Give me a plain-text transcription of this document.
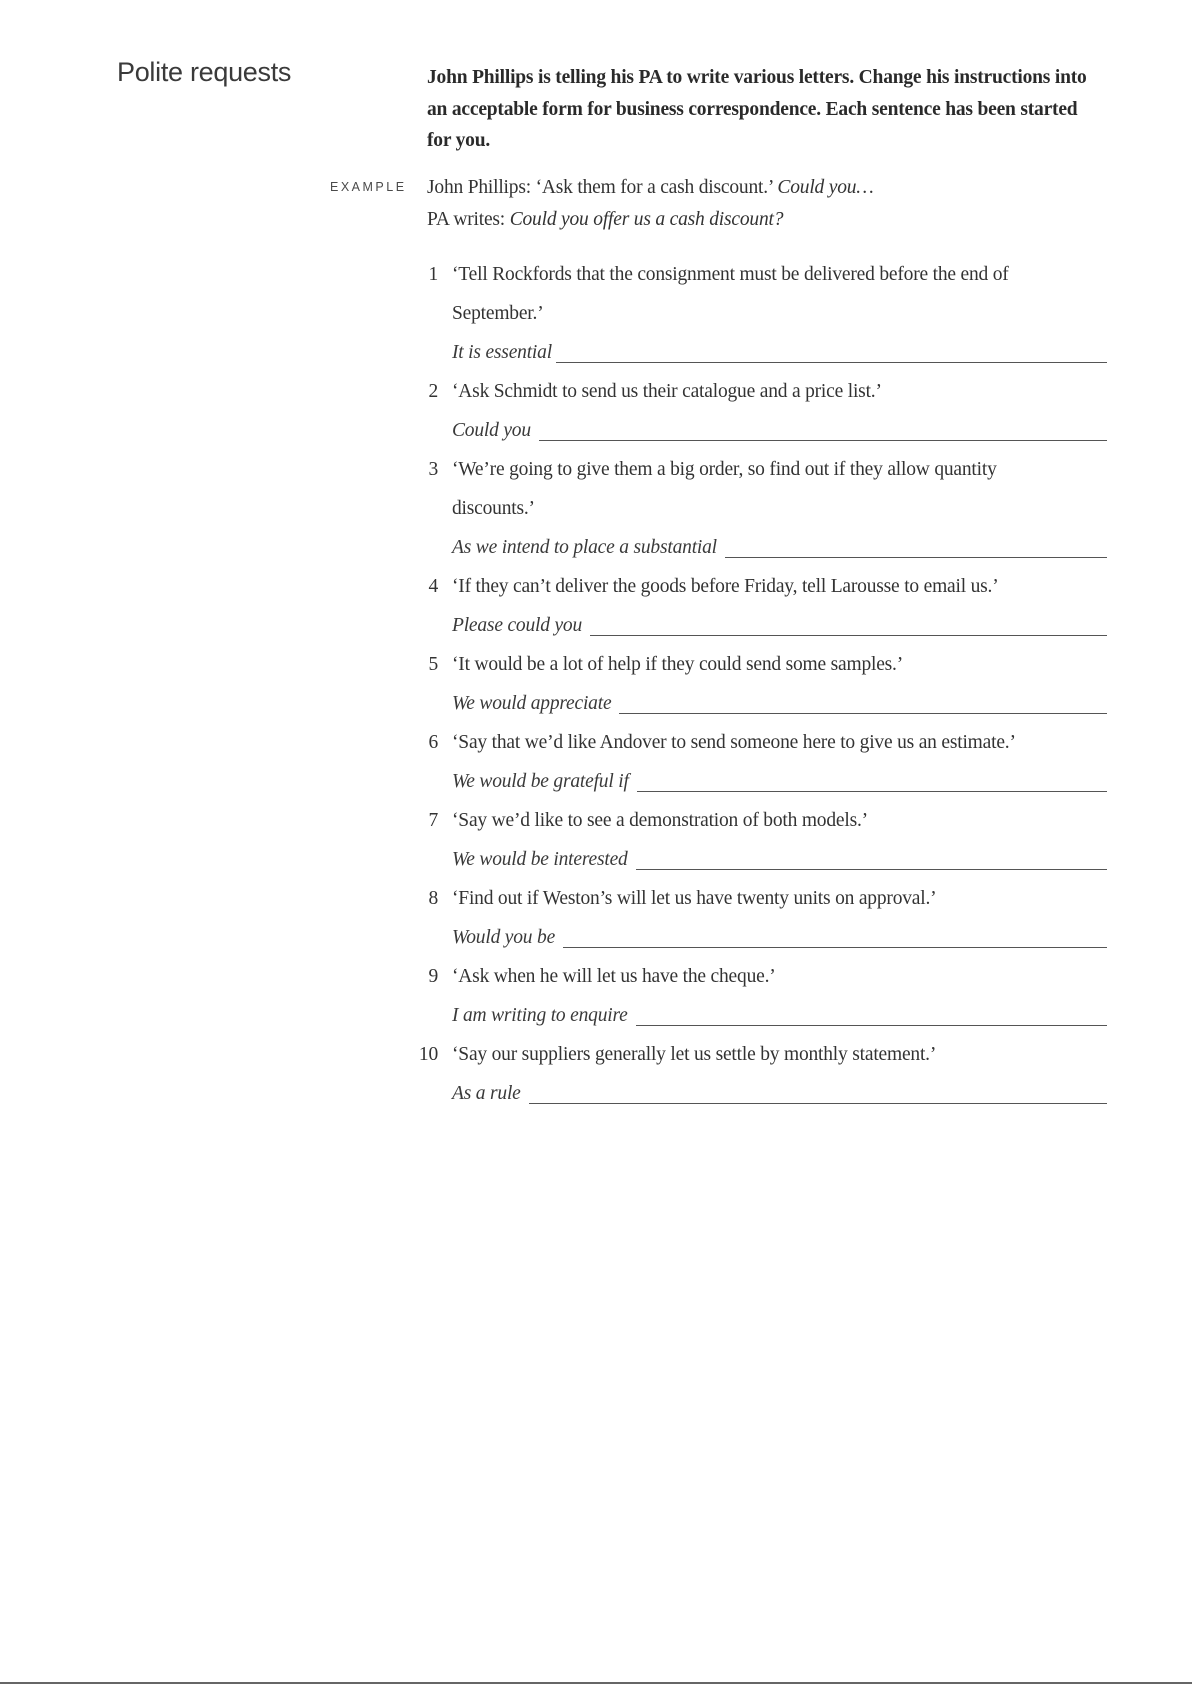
Polite requests	John Phillips is telling his PA to write various letters. Change his instructions into an acceptable form for business correspondence. Each sentence has been started for you.

EXAMPLE John Phillips: ‘Ask them for a cash discount.’ Could you…
PA writes: Could you offer us a cash discount?
1 ‘Tell Rockfords that the consignment must be delivered before the end of September.’
It is essential
2 ‘Ask Schmidt to send us their catalogue and a price list.’
Could you
3 ‘We’re going to give them a big order, so find out if they allow quantity discounts.’
As we intend to place a substantial
4 ‘If they can’t deliver the goods before Friday, tell Larousse to email us.’
Please could you
5 ‘It would be a lot of help if they could send some samples.’
We would appreciate
6 ‘Say that we’d like Andover to send someone here to give us an estimate.’
We would be grateful if
7 ‘Say we’d like to see a demonstration of both models.’
We would be interested
8 ‘Find out if Weston’s will let us have twenty units on approval.’
Would you be
9 ‘Ask when he will let us have the cheque.’
I am writing to enquire
10 ‘Say our suppliers generally let us settle by monthly statement.’
As a rule
